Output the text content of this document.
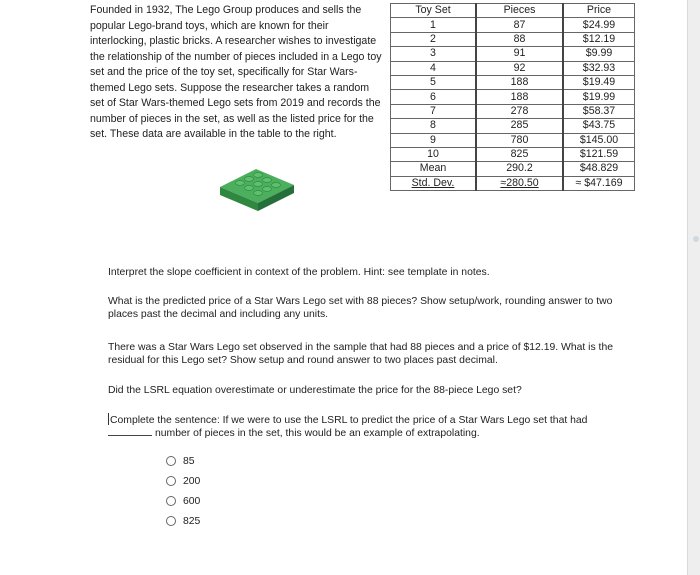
Founded in 1932, The Lego Group produces and sells the popular Lego-brand toys, which are known for their interlocking, plastic bricks. A researcher wishes to investigate the relationship of the number of pieces included in a Lego toy set and the price of the toy set, specifically for Star Wars-themed Lego sets. Suppose the researcher takes a random set of Star Wars-themed Lego sets from 2019 and records the number of pieces in the set, as well as the listed price for the set. These data are available in the table to the right.
Toy Set	Pieces	Price
1	87	$24.99
2	88	$12.19
3	91	$9.99
4	92	$32.93
5	188	$19.49
6	188	$19.99
7	278	$58.37
8	285	$43.75
9	780	$145.00
10	825	$121.59
Mean	290.2	$48.829
Std. Dev.	≈280.50	≈ $47.169
Interpret the slope coefficient in context of the problem. Hint: see template in notes.
What is the predicted price of a Star Wars Lego set with 88 pieces? Show setup/work, rounding answer to two places past the decimal and including any units.
There was a Star Wars Lego set observed in the sample that had 88 pieces and a price of $12.19. What is the residual for this Lego set? Show setup and round answer to two places past decimal.
Did the LSRL equation overestimate or underestimate the price for the 88-piece Lego set?
Complete the sentence: If we were to use the LSRL to predict the price of a Star Wars Lego set that had
number of pieces in the set, this would be an example of extrapolating.
85
200
600
825
